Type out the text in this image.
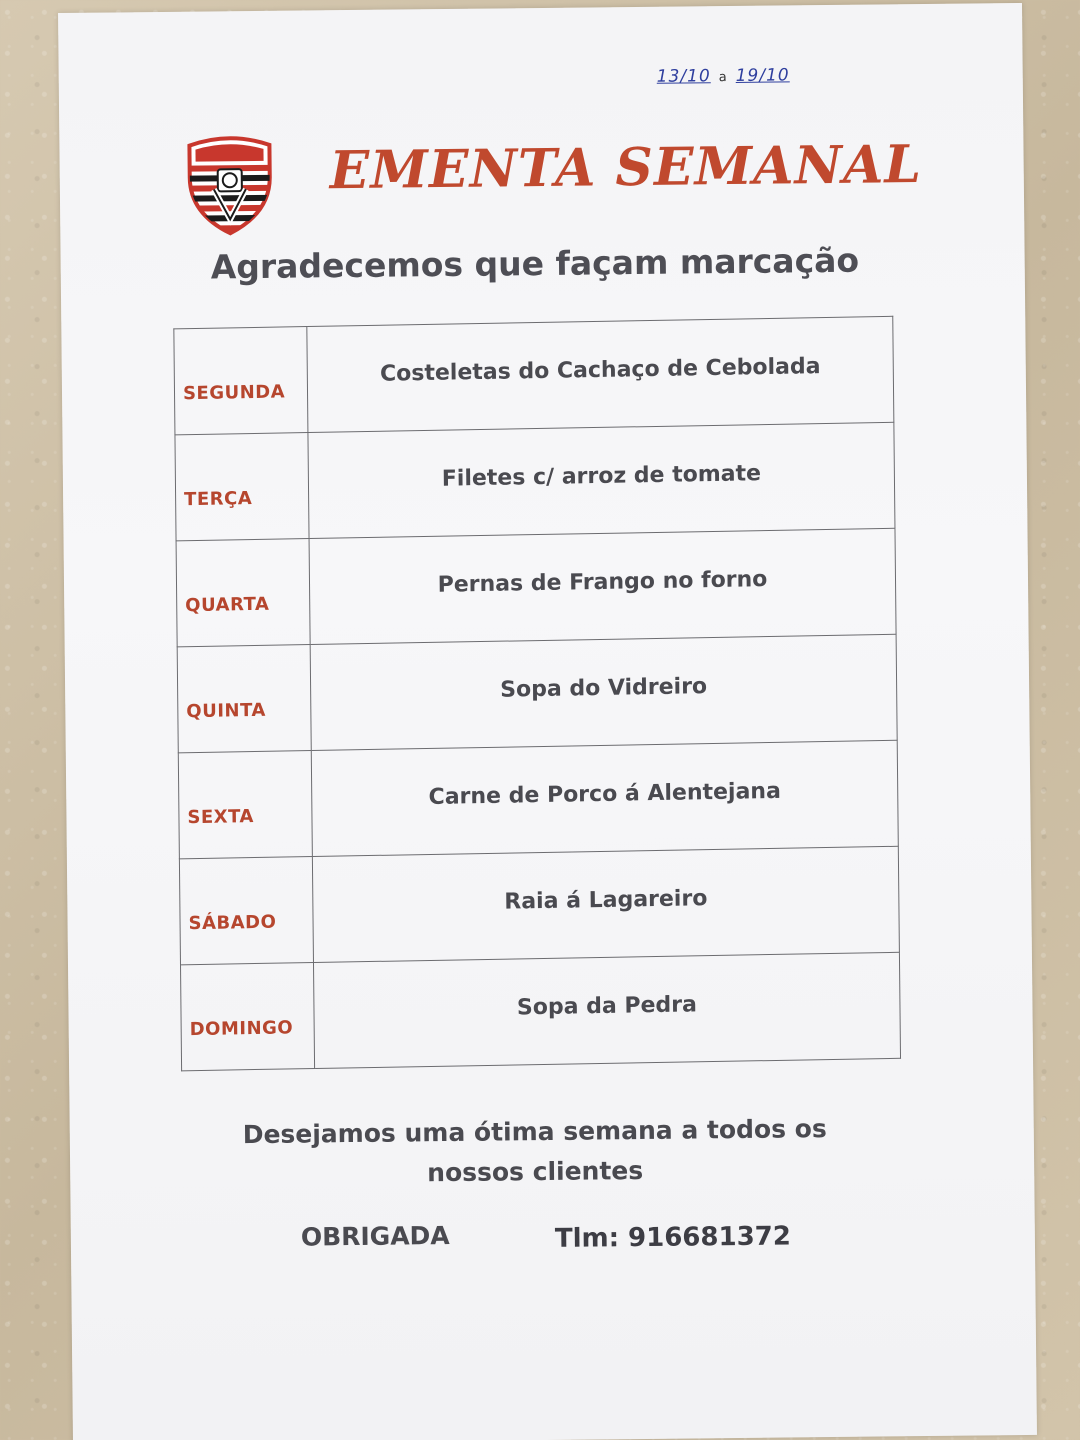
13/10 a 19/10
EMENTA SEMANAL
Agradecemos que façam marcação
SEGUNDA	Costeletas do Cachaço de Cebolada
TERÇA	Filetes c/ arroz de tomate
QUARTA	Pernas de Frango no forno
QUINTA	Sopa do Vidreiro
SEXTA	Carne de Porco á Alentejana
SÁBADO	Raia á Lagareiro
DOMINGO	Sopa da Pedra
Desejamos uma ótima semana a todos os
nossos clientes
OBRIGADA	Tlm: 916681372
